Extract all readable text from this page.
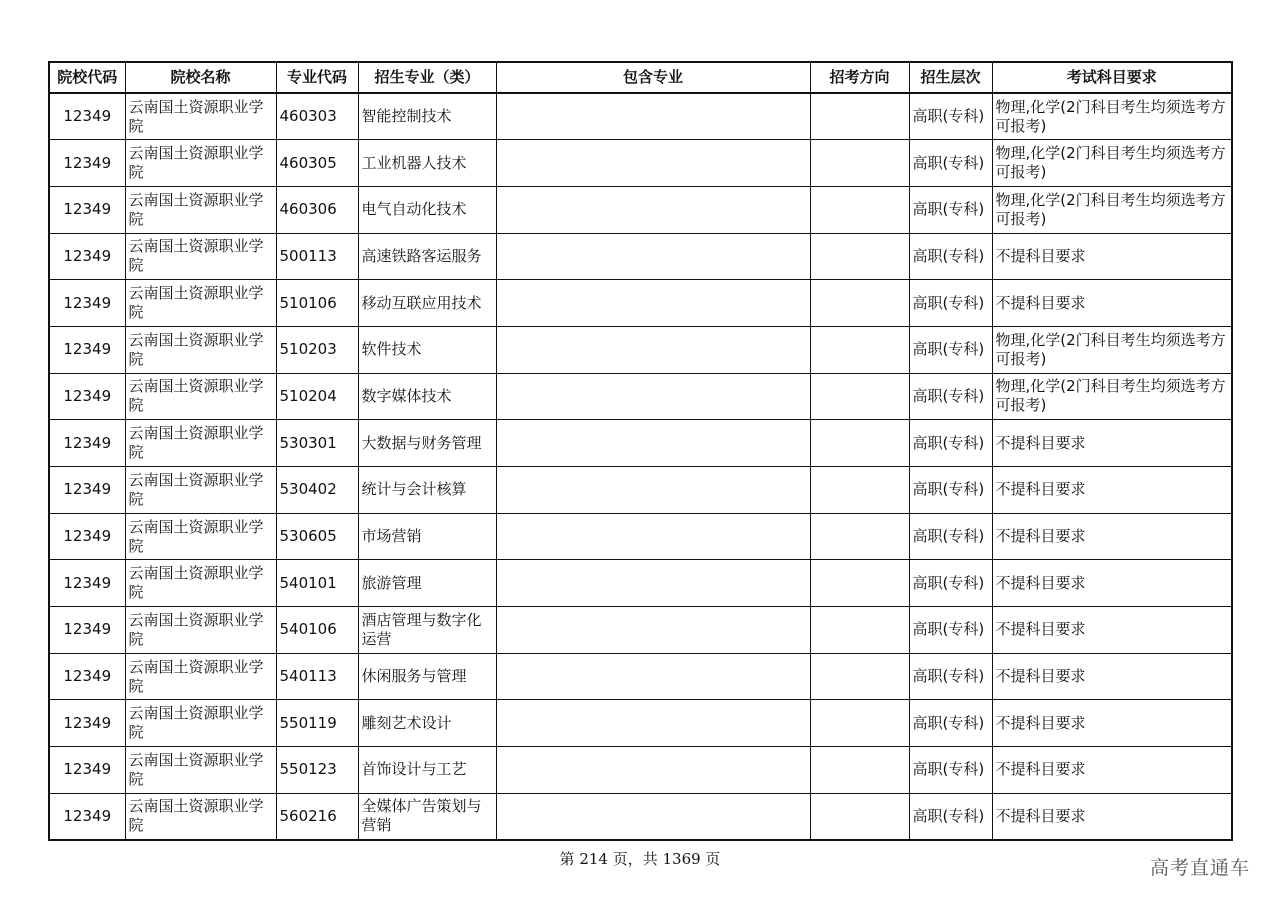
院校代码	院校名称	专业代码	招生专业（类）	包含专业	招考方向	招生层次	考试科目要求
12349	云南国土资源职业学院	460303	智能控制技术			高职(专科)	物理,化学(2门科目考生均须选考方可报考)
12349	云南国土资源职业学院	460305	工业机器人技术			高职(专科)	物理,化学(2门科目考生均须选考方可报考)
12349	云南国土资源职业学院	460306	电气自动化技术			高职(专科)	物理,化学(2门科目考生均须选考方可报考)
12349	云南国土资源职业学院	500113	高速铁路客运服务			高职(专科)	不提科目要求
12349	云南国土资源职业学院	510106	移动互联应用技术			高职(专科)	不提科目要求
12349	云南国土资源职业学院	510203	软件技术			高职(专科)	物理,化学(2门科目考生均须选考方可报考)
12349	云南国土资源职业学院	510204	数字媒体技术			高职(专科)	物理,化学(2门科目考生均须选考方可报考)
12349	云南国土资源职业学院	530301	大数据与财务管理			高职(专科)	不提科目要求
12349	云南国土资源职业学院	530402	统计与会计核算			高职(专科)	不提科目要求
12349	云南国土资源职业学院	530605	市场营销			高职(专科)	不提科目要求
12349	云南国土资源职业学院	540101	旅游管理			高职(专科)	不提科目要求
12349	云南国土资源职业学院	540106	酒店管理与数字化运营			高职(专科)	不提科目要求
12349	云南国土资源职业学院	540113	休闲服务与管理			高职(专科)	不提科目要求
12349	云南国土资源职业学院	550119	雕刻艺术设计			高职(专科)	不提科目要求
12349	云南国土资源职业学院	550123	首饰设计与工艺			高职(专科)	不提科目要求
12349	云南国土资源职业学院	560216	全媒体广告策划与营销			高职(专科)	不提科目要求
第 214 页，共 1369 页	高考直通车
